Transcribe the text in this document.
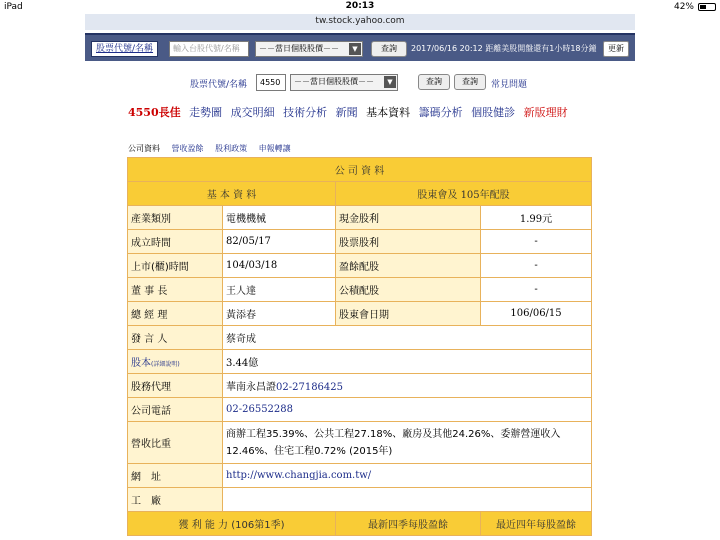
iPad	20:13	42%
tw.stock.yahoo.com
股票代號/名稱	輸入台股代號/名稱	－－當日個股股價－－	▼	查詢	2017/06/16 20:12 距離美股開盤還有1小時18分鐘	更新
股票代號/名稱	4550	－－當日個股股價－－	▼	查詢	查詢	常見問題
4550長佳 走勢圖 成交明細 技術分析 新聞 基本資料 籌碼分析 個股健診 新版理財
公司資料 營收盈餘 股利政策 申報轉讓
公 司 資 料			
基 本 資 料		股東會及 105年配股	
產業類別	電機機械	現金股利	1.99元
成立時間	82/05/17	股票股利	-
上市(櫃)時間	104/03/18	盈餘配股	-
董 事 長	王人達	公積配股	-
總 經 理	黃添春	股東會日期	106/06/15
發 言 人	蔡奇成		
股本(詳細說明)	3.44億		
股務代理	華南永昌證02-27186425		
公司電話	02-26552288		
營收比重	商辦工程35.39%、公共工程27.18%、廠房及其他24.26%、委辦營運收入12.46%、住宅工程0.72% (2015年)		
網　址	http://www.changjia.com.tw/		
工　廠			
獲 利 能 力 (106第1季)		最新四季每股盈餘	最近四年每股盈餘
